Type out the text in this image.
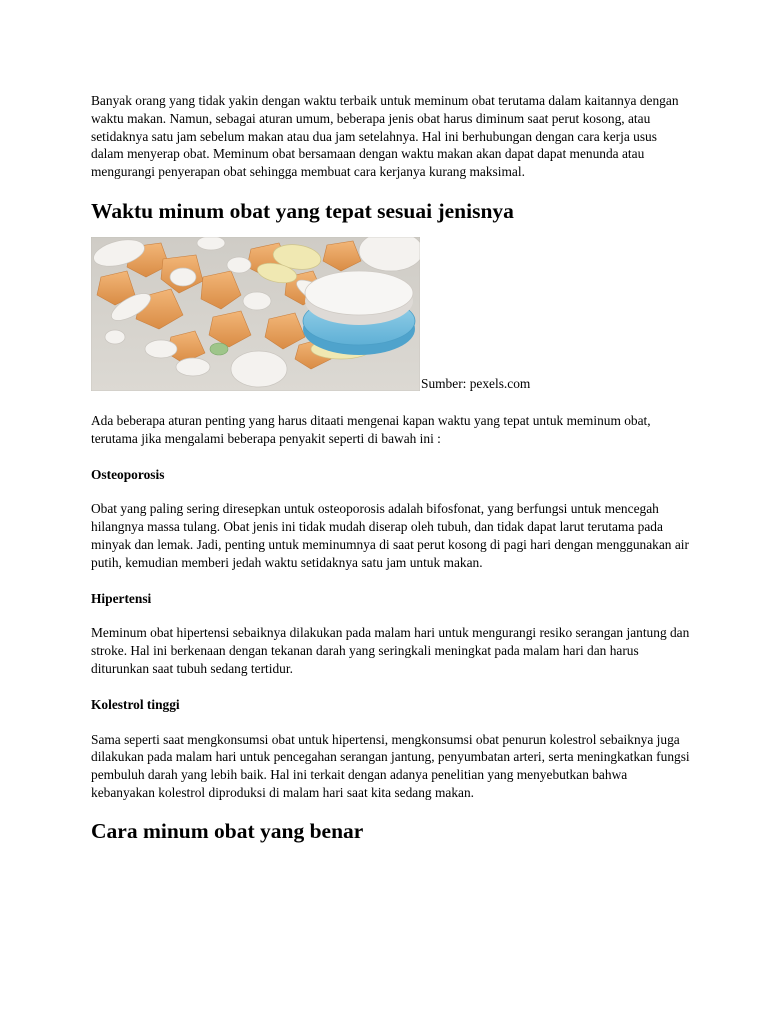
Banyak orang yang tidak yakin dengan waktu terbaik untuk meminum obat terutama dalam kaitannya dengan waktu makan. Namun, sebagai aturan umum, beberapa jenis obat harus diminum saat perut kosong, atau setidaknya satu jam sebelum makan atau dua jam setelahnya. Hal ini berhubungan dengan cara kerja usus dalam menyerap obat. Meminum obat bersamaan dengan waktu makan akan dapat dapat menunda atau mengurangi penyerapan obat sehingga membuat cara kerjanya kurang maksimal.

Waktu minum obat yang tepat sesuai jenisnya
Sumber: pexels.com

Ada beberapa aturan penting yang harus ditaati mengenai kapan waktu yang tepat untuk meminum obat, terutama jika mengalami beberapa penyakit seperti di bawah ini :

Osteoporosis

Obat yang paling sering diresepkan untuk osteoporosis adalah bifosfonat, yang berfungsi untuk mencegah hilangnya massa tulang. Obat jenis ini tidak mudah diserap oleh tubuh, dan tidak dapat larut terutama pada minyak dan lemak. Jadi, penting untuk meminumnya di saat perut kosong di pagi hari dengan menggunakan air putih, kemudian memberi jedah waktu setidaknya satu jam untuk makan.

Hipertensi

Meminum obat hipertensi sebaiknya dilakukan pada malam hari untuk mengurangi resiko serangan jantung dan stroke. Hal ini berkenaan dengan tekanan darah yang seringkali meningkat pada malam hari dan harus diturunkan saat tubuh sedang tertidur.

Kolestrol tinggi

Sama seperti saat mengkonsumsi obat untuk hipertensi, mengkonsumsi obat penurun kolestrol sebaiknya juga dilakukan pada malam hari untuk pencegahan serangan jantung, penyumbatan arteri, serta meningkatkan fungsi pembuluh darah yang lebih baik. Hal ini terkait dengan adanya penelitian yang menyebutkan bahwa kebanyakan kolestrol diproduksi di malam hari saat kita sedang makan.

Cara minum obat yang benar
